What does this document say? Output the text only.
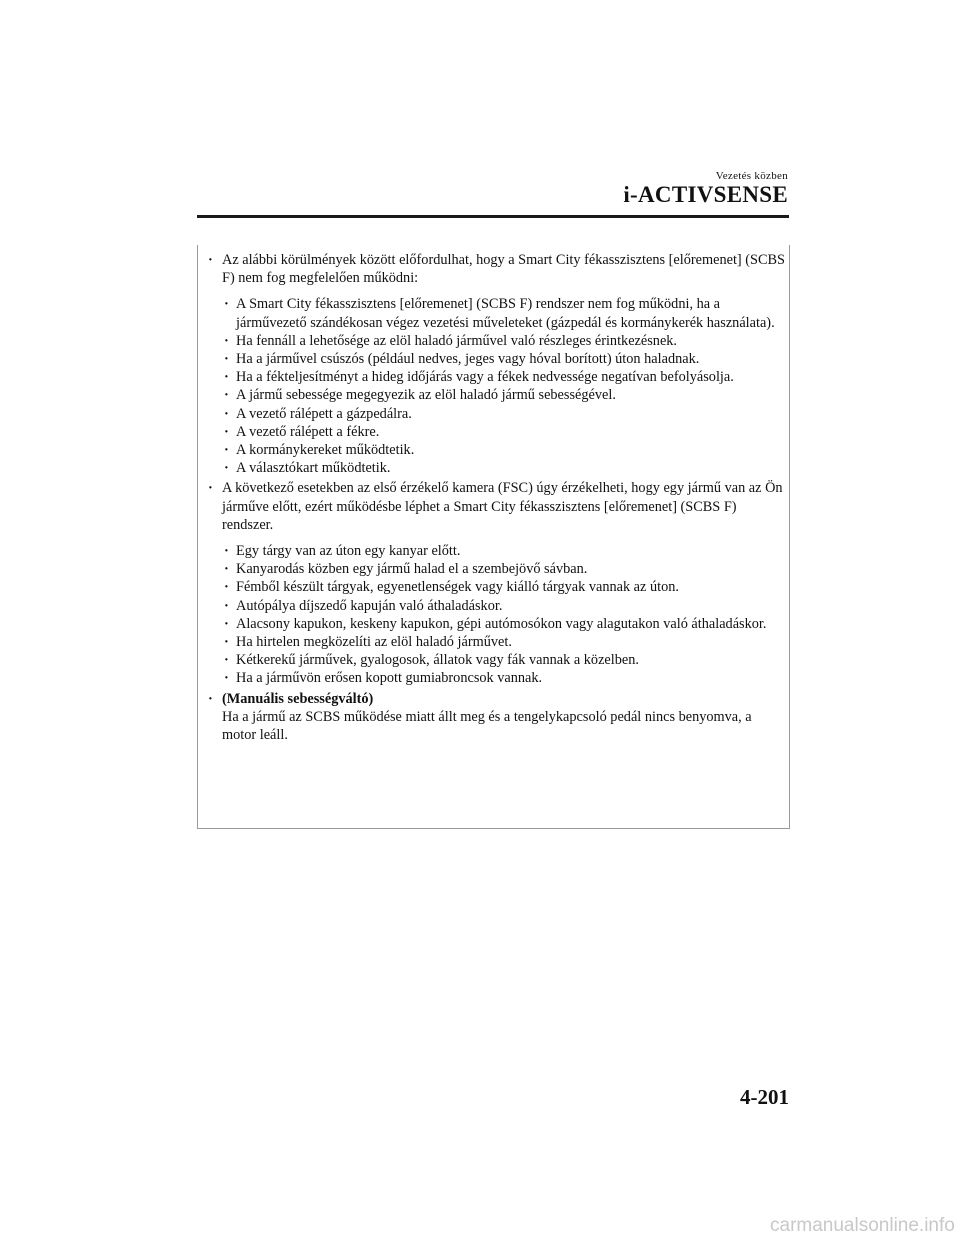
Vezetés közben
i-ACTIVSENSE
· Az alábbi körülmények között előfordulhat, hogy a Smart City fékasszisztens [előremenet] (SCBS F) nem fog megfelelően működni:
· A Smart City fékasszisztens [előremenet] (SCBS F) rendszer nem fog működni, ha a járművezető szándékosan végez vezetési műveleteket (gázpedál és kormánykerék használata).
· Ha fennáll a lehetősége az elöl haladó járművel való részleges érintkezésnek.
· Ha a járművel csúszós (például nedves, jeges vagy hóval borított) úton haladnak.
· Ha a fékteljesítményt a hideg időjárás vagy a fékek nedvessége negatívan befolyásolja.
· A jármű sebessége megegyezik az elöl haladó jármű sebességével.
· A vezető rálépett a gázpedálra.
· A vezető rálépett a fékre.
· A kormánykereket működtetik.
· A választókart működtetik.
· A következő esetekben az első érzékelő kamera (FSC) úgy érzékelheti, hogy egy jármű van az Ön járműve előtt, ezért működésbe léphet a Smart City fékasszisztens [előremenet] (SCBS F) rendszer.
· Egy tárgy van az úton egy kanyar előtt.
· Kanyarodás közben egy jármű halad el a szembejövő sávban.
· Fémből készült tárgyak, egyenetlenségek vagy kiálló tárgyak vannak az úton.
· Autópálya díjszedő kapuján való áthaladáskor.
· Alacsony kapukon, keskeny kapukon, gépi autómosókon vagy alagutakon való áthaladáskor.
· Ha hirtelen megközelíti az elöl haladó járművet.
· Kétkerekű járművek, gyalogosok, állatok vagy fák vannak a közelben.
· Ha a járművön erősen kopott gumiabroncsok vannak.
· (Manuális sebességváltó)
Ha a jármű az SCBS működése miatt állt meg és a tengelykapcsoló pedál nincs benyomva, a motor leáll.
4-201
carmanualsonline.info
